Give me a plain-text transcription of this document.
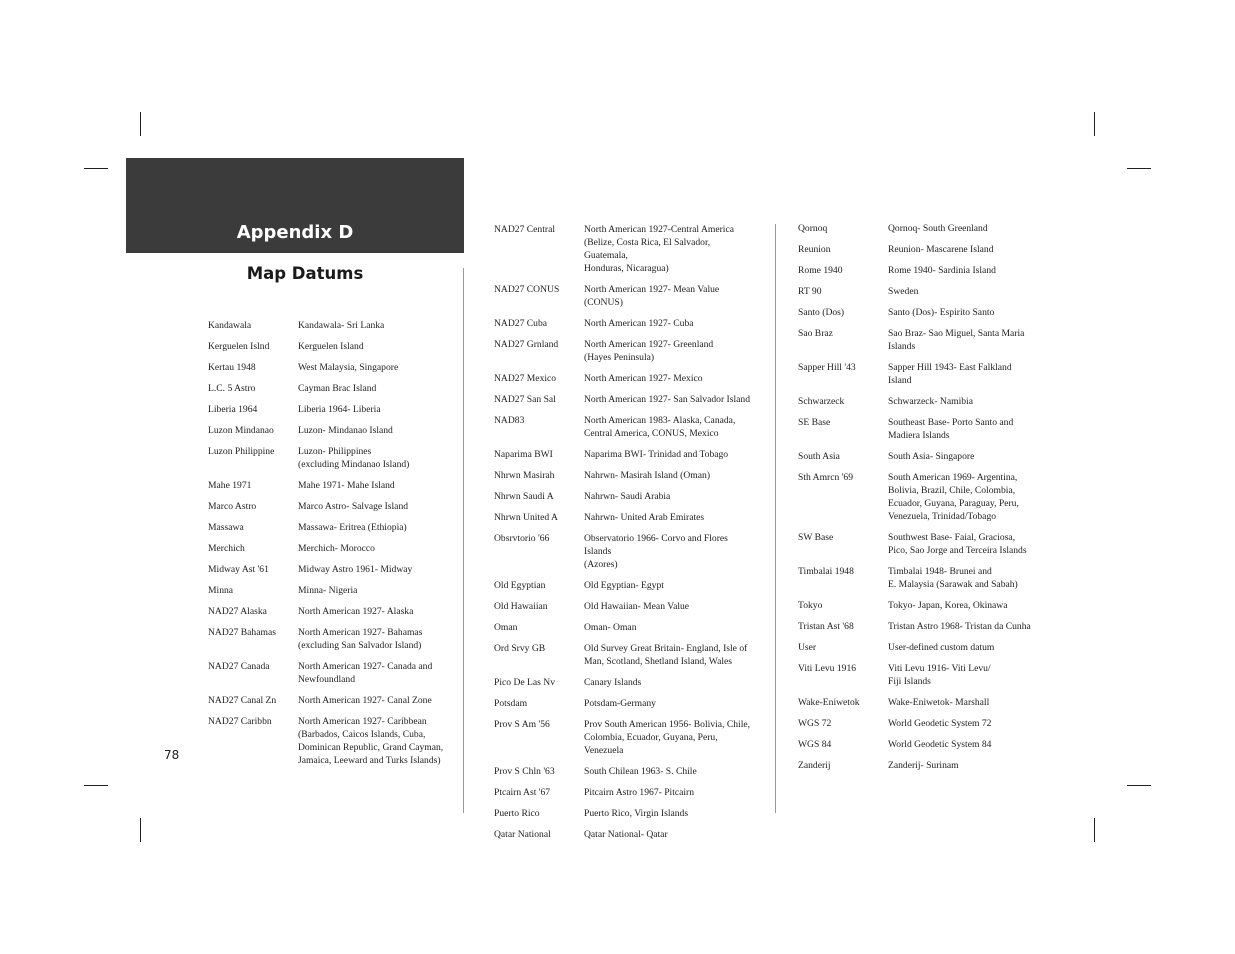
Appendix D
Map Datums
Kandawala	Kandawala- Sri Lanka
Kerguelen Islnd	Kerguelen Island
Kertau 1948	West Malaysia, Singapore
L.C. 5 Astro	Cayman Brac Island
Liberia 1964	Liberia 1964- Liberia
Luzon Mindanao	Luzon- Mindanao Island
Luzon Philippine	Luzon- Philippines
(excluding Mindanao Island)
Mahe 1971	Mahe 1971- Mahe Island
Marco Astro	Marco Astro- Salvage Island
Massawa	Massawa- Eritrea (Ethiopia)
Merchich	Merchich- Morocco
Midway Ast '61	Midway Astro 1961- Midway
Minna	Minna- Nigeria
NAD27 Alaska	North American 1927- Alaska
NAD27 Bahamas	North American 1927- Bahamas
(excluding San Salvador Island)
NAD27 Canada	North American 1927- Canada and
Newfoundland
NAD27 Canal Zn	North American 1927- Canal Zone
NAD27 Caribbn	North American 1927- Caribbean
(Barbados, Caicos Islands, Cuba,
Dominican Republic, Grand Cayman,
Jamaica, Leeward and Turks Islands)
NAD27 Central	North American 1927-Central America
(Belize, Costa Rica, El Salvador, Guatemala,
Honduras, Nicaragua)
NAD27 CONUS	North American 1927- Mean Value (CONUS)
NAD27 Cuba	North American 1927- Cuba
NAD27 Grnland	North American 1927- Greenland
(Hayes Peninsula)
NAD27 Mexico	North American 1927- Mexico
NAD27 San Sal	North American 1927- San Salvador Island
NAD83	North American 1983- Alaska, Canada,
Central America, CONUS, Mexico
Naparima BWI	Naparima BWI- Trinidad and Tobago
Nhrwn Masirah	Nahrwn- Masirah Island (Oman)
Nhrwn Saudi A	Nahrwn- Saudi Arabia
Nhrwn United A	Nahrwn- United Arab Emirates
Obsrvtorio '66	Observatorio 1966- Corvo and Flores Islands
(Azores)
Old Egyptian	Old Egyptian- Egypt
Old Hawaiian	Old Hawaiian- Mean Value
Oman	Oman- Oman
Ord Srvy GB	Old Survey Great Britain- England, Isle of
Man, Scotland, Shetland Island, Wales
Pico De Las Nv	Canary Islands
Potsdam	Potsdam-Germany
Prov S Am '56	Prov South American 1956- Bolivia, Chile,
Colombia, Ecuador, Guyana, Peru, Venezuela
Prov S Chln '63	South Chilean 1963- S. Chile
Ptcairn Ast '67	Pitcairn Astro 1967- Pitcairn
Puerto Rico	Puerto Rico, Virgin Islands
Qatar National	Qatar National- Qatar
Qornoq	Qornoq- South Greenland
Reunion	Reunion- Mascarene Island
Rome 1940	Rome 1940- Sardinia Island
RT 90	Sweden
Santo (Dos)	Santo (Dos)- Espirito Santo
Sao Braz	Sao Braz- Sao Miguel, Santa Maria
Islands
Sapper Hill '43	Sapper Hill 1943- East Falkland
Island
Schwarzeck	Schwarzeck- Namibia
SE Base	Southeast Base- Porto Santo and
Madiera Islands
South Asia	South Asia- Singapore
Sth Amrcn '69	South American 1969- Argentina,
Bolivia, Brazil, Chile, Colombia,
Ecuador, Guyana, Paraguay, Peru,
Venezuela, Trinidad/Tobago
SW Base	Southwest Base- Faial, Graciosa,
Pico, Sao Jorge and Terceira Islands
Timbalai 1948	Timbalai 1948- Brunei and
E. Malaysia (Sarawak and Sabah)
Tokyo	Tokyo- Japan, Korea, Okinawa
Tristan Ast '68	Tristan Astro 1968- Tristan da Cunha
User	User-defined custom datum
Viti Levu 1916	Viti Levu 1916- Viti Levu/
Fiji Islands
Wake-Eniwetok	Wake-Eniwetok- Marshall
WGS 72	World Geodetic System 72
WGS 84	World Geodetic System 84
Zanderij	Zanderij- Surinam
78
